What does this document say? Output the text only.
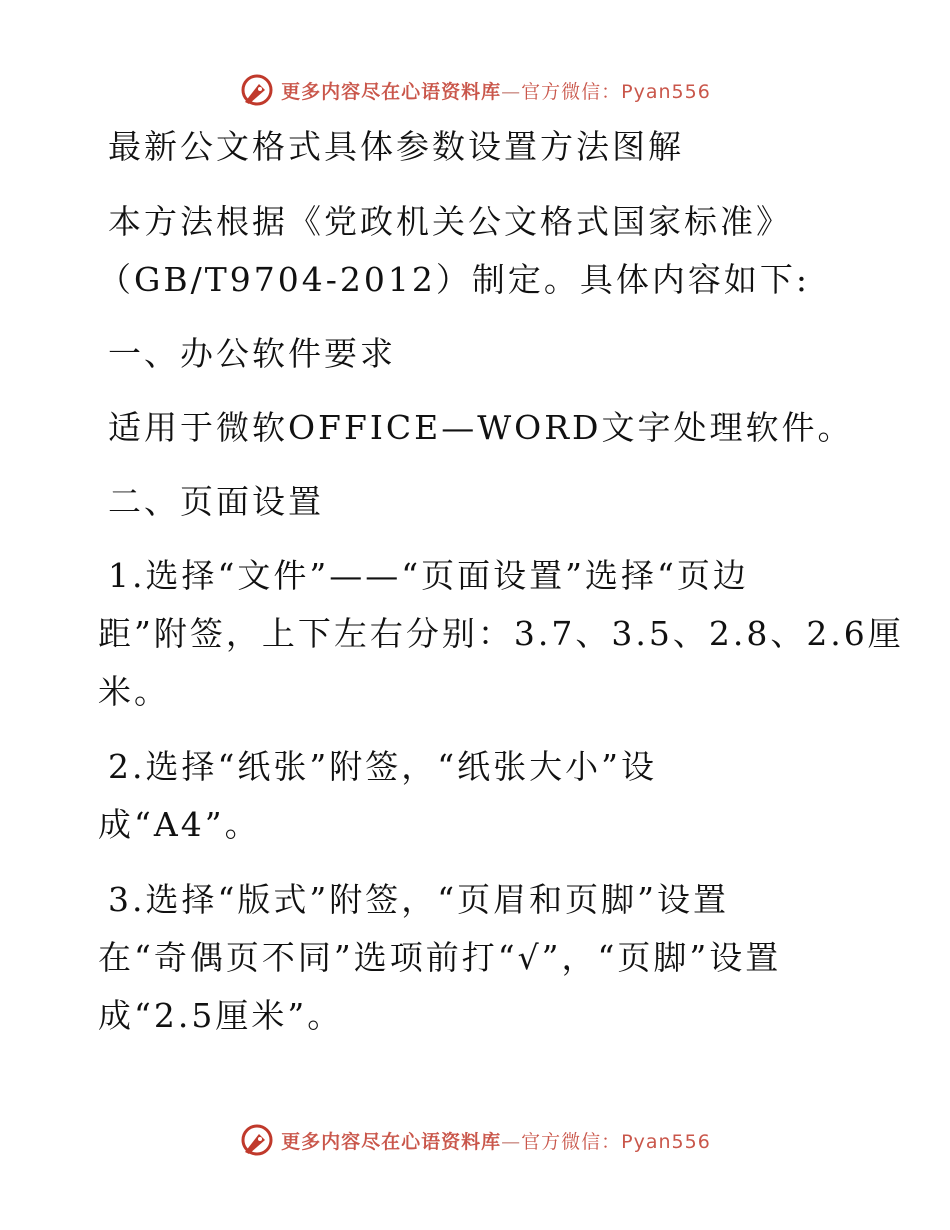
更多内容尽在心语资料库—官方微信：Pyan556
最新公文格式具体参数设置方法图解
本方法根据《党政机关公文格式国家标准》
（GB/T9704-2012）制定。具体内容如下:
一、办公软件要求
适用于微软OFFICE—WORD文字处理软件。
二、页面设置
1.选择“文件”——“页面设置”选择“页边
距”附签，上下左右分别：3.7、3.5、2.8、2.6厘
米。
2.选择“纸张”附签，“纸张大小”设
成“A4”。
3.选择“版式”附签，“页眉和页脚”设置
在“奇偶页不同”选项前打“√”，“页脚”设置
成“2.5厘米”。
更多内容尽在心语资料库—官方微信：Pyan556
